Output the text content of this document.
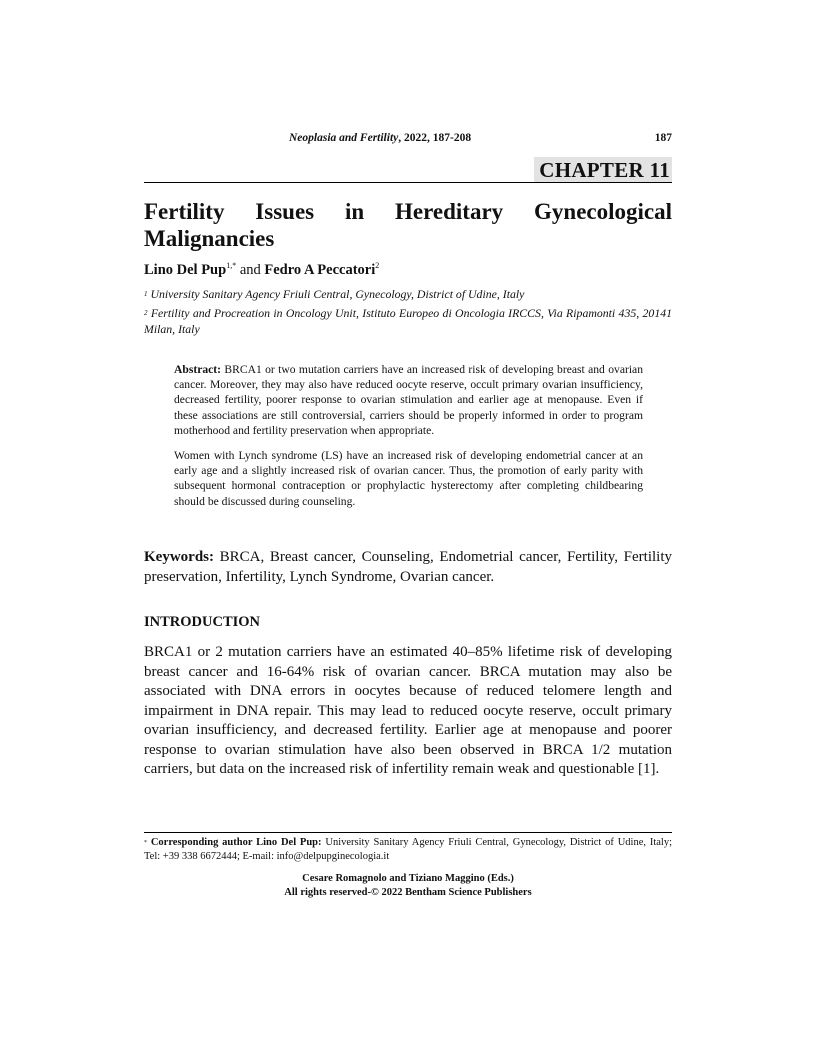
Neoplasia and Fertility, 2022, 187-208	187
CHAPTER 11
Fertility Issues in Hereditary Gynecological Malignancies
Lino Del Pup$^{1,*}$ and Fedro A Peccatori$^2$
$^1$ University Sanitary Agency Friuli Central, Gynecology, District of Udine, Italy
$^2$ Fertility and Procreation in Oncology Unit, Istituto Europeo di Oncologia IRCCS, Via Ripamonti 435, 20141 Milan, Italy

Abstract: BRCA1 or two mutation carriers have an increased risk of developing breast and ovarian cancer. Moreover, they may also have reduced oocyte reserve, occult primary ovarian insufficiency, decreased fertility, poorer response to ovarian stimulation and earlier age at menopause. Even if these associations are still controversial, carriers should be properly informed in order to program motherhood and fertility preservation when appropriate.

Women with Lynch syndrome (LS) have an increased risk of developing endometrial cancer at an early age and a slightly increased risk of ovarian cancer. Thus, the promotion of early parity with subsequent hormonal contraception or prophylactic hysterectomy after completing childbearing should be discussed during counseling.

Keywords: BRCA, Breast cancer, Counseling, Endometrial cancer, Fertility, Fertility preservation, Infertility, Lynch Syndrome, Ovarian cancer.
INTRODUCTION

BRCA1 or 2 mutation carriers have an estimated 40–85% lifetime risk of developing breast cancer and 16-64% risk of ovarian cancer. BRCA mutation may also be associated with DNA errors in oocytes because of reduced telomere length and impairment in DNA repair. This may lead to reduced oocyte reserve, occult primary ovarian insufficiency, and decreased fertility. Earlier age at menopause and poorer response to ovarian stimulation have also been observed in BRCA 1/2 mutation carriers, but data on the increased risk of infertility remain weak and questionable [1].

* Corresponding author Lino Del Pup: University Sanitary Agency Friuli Central, Gynecology, District of Udine, Italy; Tel: +39 338 6672444; E-mail: info@delpupginecologia.it
Cesare Romagnolo and Tiziano Maggino (Eds.)
All rights reserved-© 2022 Bentham Science Publishers
